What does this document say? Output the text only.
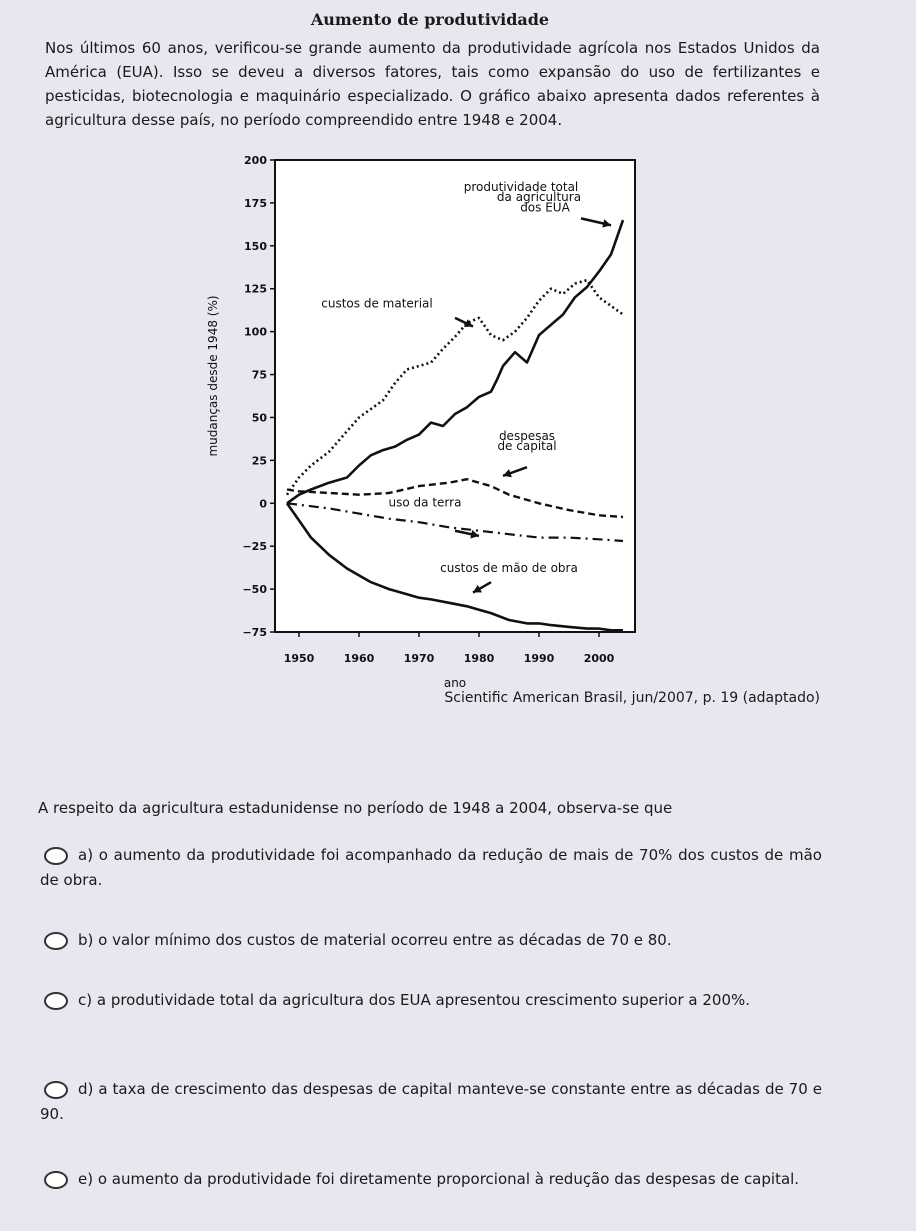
Aumento de produtividade
Nos últimos 60 anos, verificou-se grande aumento da produtividade agrícola nos Estados Unidos da América (EUA). Isso se deveu a diversos fatores, tais como expansão do uso de fertilizantes e pesticidas, biotecnologia e maquinário especializado. O gráfico abaixo apresenta dados referentes à agricultura desse país, no período compreendido entre 1948 e 2004.
200
175
150
125
100
75
50
25
0
−25
−50
−75
1950	1960	1970	1980	1990	2000
ano
mudanças desde 1948 (%)
produtividade total
da agricultura
dos EUA
custos de material
despesas
de capital
uso da terra
custos de mão de obra
Scientific American Brasil, jun/2007, p. 19 (adaptado)
A respeito da agricultura estadunidense no período de 1948 a 2004, observa-se que
a) o aumento da produtividade foi acompanhado da redução de mais de 70% dos custos de mão de obra.
b) o valor mínimo dos custos de material ocorreu entre as décadas de 70 e 80.
c) a produtividade total da agricultura dos EUA apresentou crescimento superior a 200%.
d) a taxa de crescimento das despesas de capital manteve-se constante entre as décadas de 70 e 90.
e) o aumento da produtividade foi diretamente proporcional à redução das despesas de capital.
